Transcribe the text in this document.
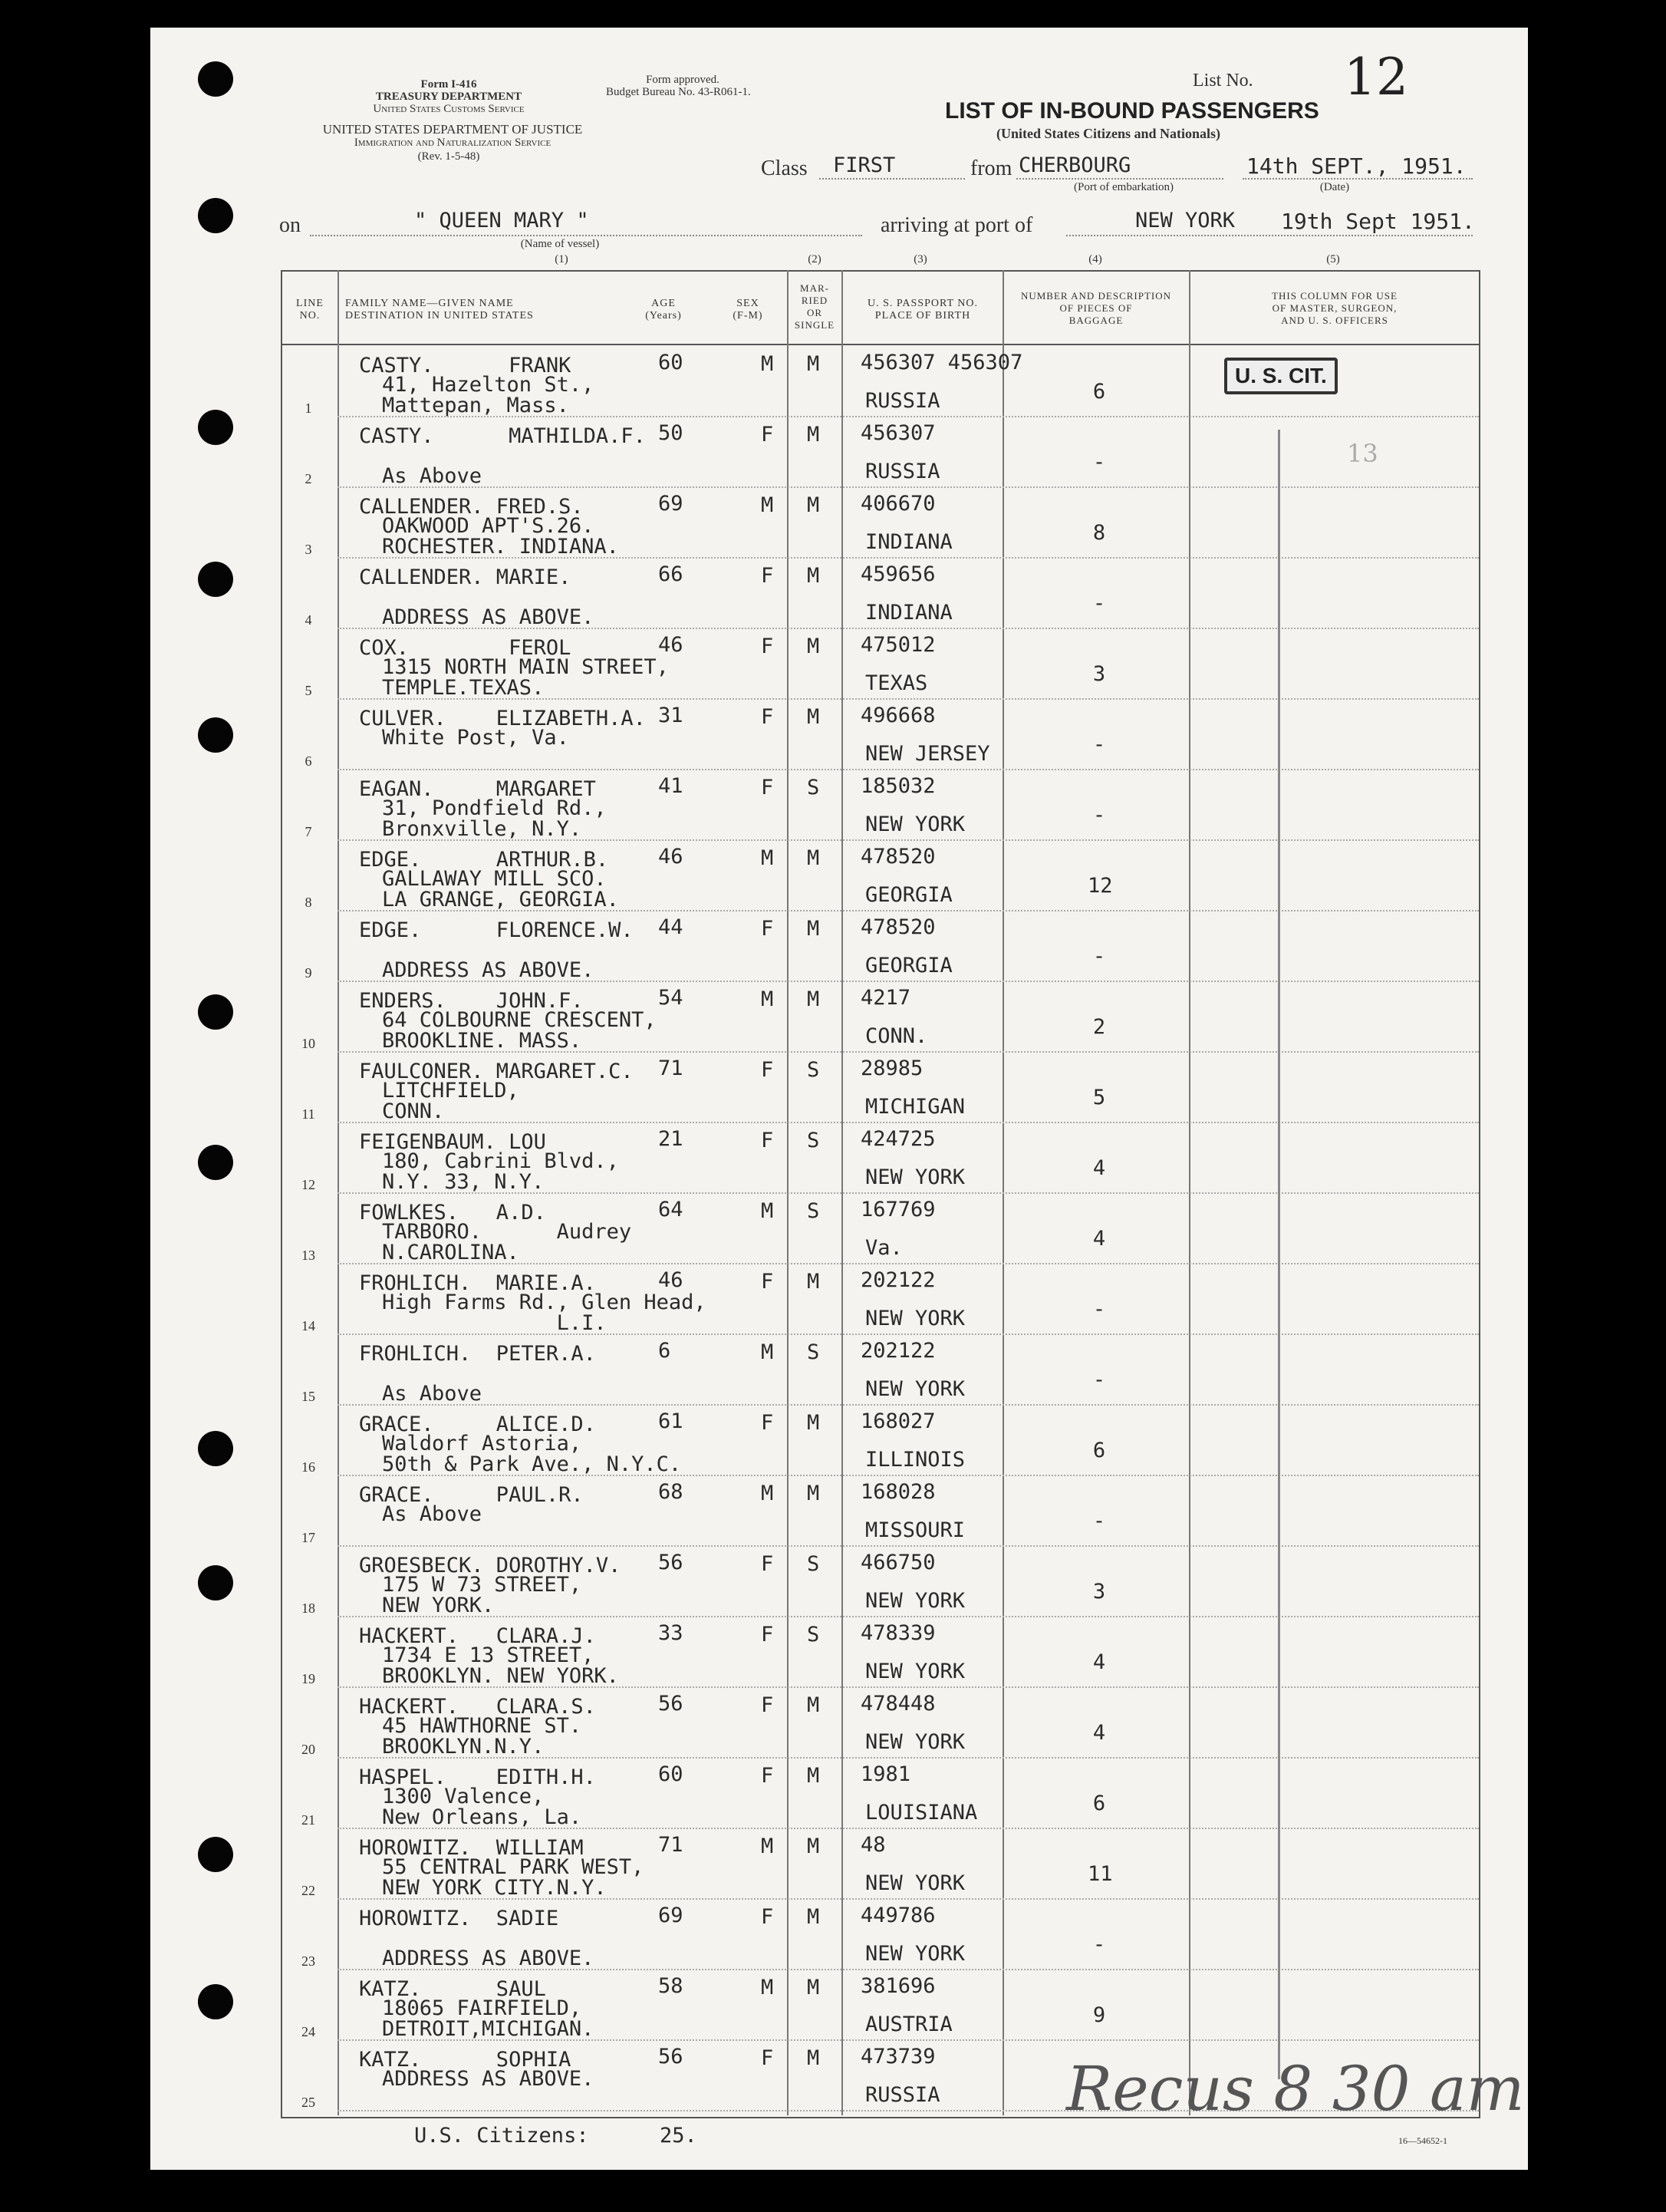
Form I-416
TREASURY DEPARTMENT
United States Customs Service
UNITED STATES DEPARTMENT OF JUSTICE
Immigration and Naturalization Service
(Rev. 1-5-48)
Form approved.
Budget Bureau No. 43-R061-1.
List No. 12
LIST OF IN-BOUND PASSENGERS
(United States Citizens and Nationals)
Class FIRST	from CHERBOURG
(Port of embarkation)
14th SEPT., 1951.
(Date)
on	" QUEEN MARY "
(Name of vessel)
arriving at port of	NEW YORK 19th Sept 1951.
(1)	(2)	(3)	(4)	(5)
LINE
NO.
FAMILY NAME—GIVEN NAME
DESTINATION IN UNITED STATES
AGE
(Years)
SEX
(F-M)
MAR-
RIED
OR
SINGLE
U. S. PASSPORT NO.
PLACE OF BIRTH
NUMBER AND DESCRIPTION
OF PIECES OF
BAGGAGE
THIS COLUMN FOR USE
OF MASTER, SURGEON,
AND U. S. OFFICERS
CASTY.      FRANK
41, Hazelton St.,
Mattepan, Mass.
60	M M 456307 456307
RUSSIA	6
1
CASTY.      MATHILDA.F.

As Above
50	F M 456307
RUSSIA	-
2
CALLENDER. FRED.S.
OAKWOOD APT'S.26.
ROCHESTER. INDIANA.
69	M M 406670
INDIANA	8
3
CALLENDER. MARIE.

ADDRESS AS ABOVE.
66	F M 459656
INDIANA	-
4
COX.        FEROL
1315 NORTH MAIN STREET,
TEMPLE.TEXAS.
46	F M 475012
TEXAS	3
5
CULVER.    ELIZABETH.A.
White Post, Va.
31	F M 496668
NEW JERSEY	-
6
EAGAN.     MARGARET
31, Pondfield Rd.,
Bronxville, N.Y.
41	F S 185032
NEW YORK	-
7
EDGE.      ARTHUR.B.
GALLAWAY MILL SCO.
LA GRANGE, GEORGIA.
46	M M 478520
GEORGIA	12
8
EDGE.      FLORENCE.W.

ADDRESS AS ABOVE.
44	F M 478520
GEORGIA	-
9
ENDERS.    JOHN.F.
64 COLBOURNE CRESCENT,
BROOKLINE. MASS.
54	M M 4217
CONN.	2
10
FAULCONER. MARGARET.C.
LITCHFIELD,
CONN.
71	F S 28985
MICHIGAN	5
11
FEIGENBAUM. LOU
180, Cabrini Blvd.,
N.Y. 33, N.Y.
21	F S 424725
NEW YORK	4
12
FOWLKES.   A.D.
TARBORO.      Audrey
N.CAROLINA.
64	M S 167769
Va.	4
13
FROHLICH.  MARIE.A.
High Farms Rd., Glen Head,
L.I.
46	F M 202122
NEW YORK	-
14
FROHLICH.  PETER.A.

As Above
6	M S 202122
NEW YORK	-
15
GRACE.     ALICE.D.
Waldorf Astoria,
50th & Park Ave., N.Y.C.
61	F M 168027
ILLINOIS	6
16
GRACE.     PAUL.R.
As Above
68	M M 168028
MISSOURI	-
17
GROESBECK. DOROTHY.V.
175 W 73 STREET,
NEW YORK.
56	F S 466750
NEW YORK	3
18
HACKERT.   CLARA.J.
1734 E 13 STREET,
BROOKLYN. NEW YORK.
33	F S 478339
NEW YORK	4
19
HACKERT.   CLARA.S.
45 HAWTHORNE ST.
BROOKLYN.N.Y.
56	F M 478448
NEW YORK	4
20
HASPEL.    EDITH.H.
1300 Valence,
New Orleans, La.
60	F M 1981
LOUISIANA	6
21
HOROWITZ.  WILLIAM
55 CENTRAL PARK WEST,
NEW YORK CITY.N.Y.
71	M M 48
NEW YORK	11
22
HOROWITZ.  SADIE

ADDRESS AS ABOVE.
69	F M 449786
NEW YORK	-
23
KATZ.      SAUL
18065 FAIRFIELD,
DETROIT,MICHIGAN.
58	M M 381696
AUSTRIA	9
24
KATZ.      SOPHIA
ADDRESS AS ABOVE.
56	F M 473739
RUSSIA
25
U. S. CIT.
13
Recus 8 30 am
U.S. Citizens:	25.	16—54652-1
